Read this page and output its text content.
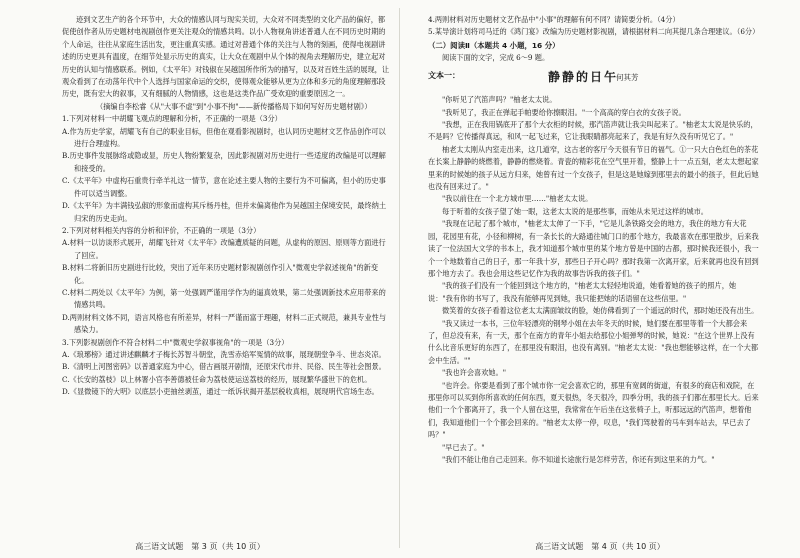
迹到文艺生产的各个环节中，大众的情感认同与现实关切，大众对不同类型的文化产品的偏好，都促使创作者从历史题材电视剧创作更关注观众的情感共鸣。以小人物视角讲述普通人在不同历史时期的个人命运，往往从家庭生活出发，更注重真实感。通过对普通个体的关注与人物的刻画，使得电视剧讲述的历史更具有温度，在细节处显示历史的真实，让大众在观剧中从个体的视角去理解历史，建立起对历史的认知与情感联系。例如，《太平年》对钱俶在吴越国所作所为的描写，以及对百姓生活的展现，让观众看到了在动荡年代中个人选择与国家命运的交织，使得观众能够从更为立体和多元的角度理解那段历史，既有宏大的叙事，又有细腻的人物情感，这也是这类作品广受欢迎的重要原因之一。

（摘编自李松睿《从"大事不虚"到"小事不拘"——新传播格局下如何写好历史题材剧》）

1.下列对材料一中胡耀飞观点的理解和分析，不正确的一项是（3分）

A.作为历史学家，胡耀飞有自己的职业目标，但他在观看影视剧时，也认同历史题材文艺作品创作可以进行合理虚构。

B.历史事件发展脉络或隐或显，历史人物纷繁复杂，因此影视剧对历史进行一些适度的改编是可以理解和接受的。

C.《太平年》中虚构石重贵行牵羊礼这一情节，意在论述主要人物的主要行为不可偏离，但小的历史事件可以适当调整。

D.《太平年》为丰满钱弘俶的形象而虚构其斥杨丹桂，但并未偏离他作为吴越国主保境安民，最终纳土归宋的历史走向。

2.下列对材料相关内容的分析和评价，不正确的一项是（3分）

A.材料一以访谈形式展开，胡耀飞针对《太平年》改编遭质疑的问题，从虚构的原因、原则等方面进行了回应。

B.材料二将新旧历史剧进行比较，突出了近年来历史题材影视剧创作引入"微观史学叙述视角"的新变化。

C.材料二两处以《太平年》为例，第一处强调严谨用学作为的逼真效果，第二处强调新技术应用带来的情感共鸣。

D.两则材料文体不同，语言风格也有所差异，材料一严谨而富于理趣，材料二正式规范，兼具专业性与感染力。

3.下列影视剧创作不符合材料二中"微观史学叙事视角"的一项是（3分）

A.《琅琊榜》通过讲述麒麟才子梅长苏智斗朝堂，洗雪赤焰军冤情的故事，展现朝堂争斗、世态炎凉。

B.《清明上河图密码》以普通家庭为中心，借古画展开剧情，还原宋代市井、民俗、民生等社会图景。

C.《长安的荔枝》以上林署小官李善德被任命为荔枝使运送荔枝的经历，展现繁华盛世下的危机。

D.《显微镜下的大明》以底层小吏抽丝剥茧，通过一纸诉状揭开基层税收真相，展现明代官场生态。

高三语文试题　第 3 页（共 10 页）

4.两则材料对历史题材文艺作品中"小事"的理解有何不同？请简要分析。（4分）

5.某导演计划将司马迁的《鸿门宴》改编为历史题材影视剧，请根据材料二向其提几条合理建议。（6分）

（二）阅读Ⅱ（本题共 4 小题，16 分）

阅读下面的文字，完成 6～9 题。

文本一：	静静的日午
何其芳

"你听见了汽笛声吗？"柚老太太说。

"我听见了，我正在弹起手帕要给你擦眼泪。"一个高高的穿白衣的女孩子说。

"我想，正在我用锅底开了那个大衣柜的时候，那汽笛声就让我尖叫起来了。"柚老太太说是快乐的，不是吗？它传播得真远，和风一起飞过来，它让我眼睛都亮起来了，我是有好久没有听见它了。"

柚老太太刚从内室走出来，这几道窄，这古老的客厅今天很有节日的福气。①一只大白色红色的茶花在长案上静静的烧燃着，静静的燃烧着。青瓷的精彩花在空气里开着，整静上十一点五刻，老太太想起家里来的时候她的孩子从远方归来，她曾有过一个女孩子，但是这是她嫁到那里去的最小的孩子，但此后她也没有回来过了。"

"我以前住在一个北方城市里……"柚老太太说。

每于听着的女孩子望了她一眼，这老太太说的是那些事，而她从未见过这样的城市。

"我现在记起了那个城市，"柚老太太伸了一下手，"它是儿条铁路交会的地方，我住的地方有大花园，花园里有花，小径和柳树，有一条长长的大路通往城门口的那个地方，我最喜欢在那里散步，后来我读了一位法国大文学的书本上，我才知道那个城市里的某个地方曾是中国的古都，那时候我还很小，我一个一个地数着自己的日子，那一年我十岁，那些日子开心吗？那时我第一次离开家，后来就再也没有回到那个地方去了。我也会用这些记忆作为我的故事告诉我的孩子们。"

"我的孩子们没有一个能回到这个地方的，"柚老太太轻轻地说道，她看着她的孩子的照片，她说："我有你的书写了，我没有能够再见到她，我只能把她的话语留在这些信里。"

微笑着的女孩子看着这位老太太满面皱纹的脸，她仿佛看到了一个遥远的时代，那时她还没有出生。

"我又读过一本书，三位年轻漂亮的钢琴小姐在去年冬天的时候，她们要在那里等着一个大都会来了，但总没有来，有一天，那个在南方的青年小姐去给那位小姐弹琴的时候，她说："在这个世界上没有什么比音乐更好的东西了，在那里没有眼泪，也没有离别。"柚老太太说："我也想能够这样，在一个大都会中生活。""

"我也许会喜欢她。"

"也许会。你要是看到了那个城市你一定会喜欢它的，那里有宽阔的街道，有很多的商店和戏院，在那里你可以买到你所喜欢的任何东西，夏天很热，冬天很冷，四季分明，我的孩子们都在那里长大。后来他们一个个都离开了，我一个人留在这里，我常常在午后坐在这张椅子上，听那远远的汽笛声，想着他们，我知道他们一个个都会回来的。"柚老太太停一停，叹息，"我们驾驶着的马车到车站去，早已去了吗？"

"早已去了。"

"我们不能让他自己走回来。你不知道长途旅行是怎样劳苦，你还有到这里来的力气。"

高三语文试题　第 4 页（共 10 页）
